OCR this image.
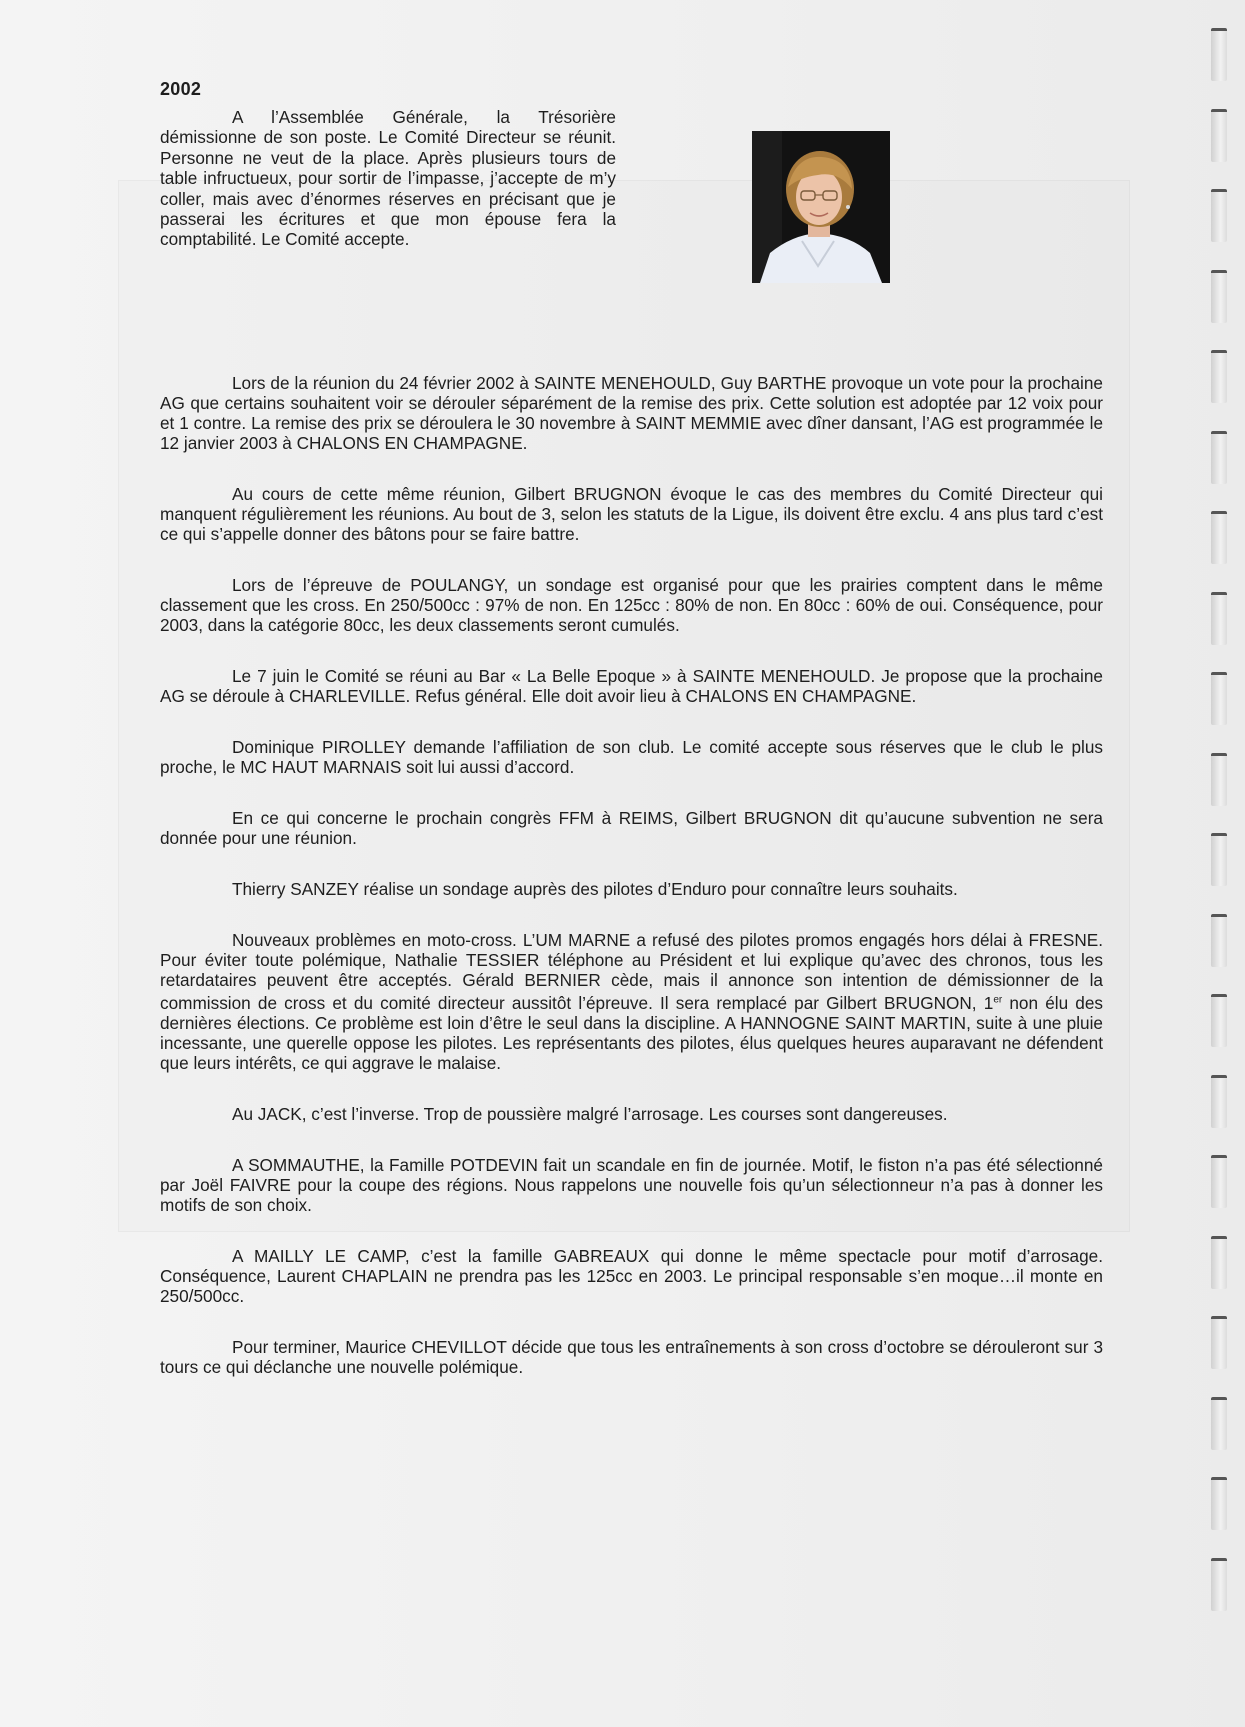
2002

A l’Assemblée Générale, la Trésorière démissionne de son poste. Le Comité Directeur se réunit. Personne ne veut de la place. Après plusieurs tours de table infructueux, pour sortir de l’impasse, j’accepte de m’y coller, mais avec d’énormes réserves en précisant que je passerai les écritures et que mon épouse fera la comptabilité. Le Comité accepte.

Lors de la réunion du 24 février 2002 à SAINTE MENEHOULD, Guy BARTHE provoque un vote pour la prochaine AG que certains souhaitent voir se dérouler séparément de la remise des prix. Cette solution est adoptée par 12 voix pour et 1 contre. La remise des prix se déroulera le 30 novembre à SAINT MEMMIE avec dîner dansant, l’AG est programmée le 12 janvier 2003 à CHALONS EN CHAMPAGNE.

Au cours de cette même réunion, Gilbert BRUGNON évoque le cas des membres du Comité Directeur qui manquent régulièrement les réunions. Au bout de 3, selon les statuts de la Ligue, ils doivent être exclu. 4 ans plus tard c’est ce qui s’appelle donner des bâtons pour se faire battre.

Lors de l’épreuve de POULANGY, un sondage est organisé pour que les prairies comptent dans le même classement que les cross. En 250/500cc : 97% de non. En 125cc : 80% de non. En 80cc : 60% de oui. Conséquence, pour 2003, dans la catégorie 80cc, les deux classements seront cumulés.

Le 7 juin le Comité se réuni au Bar « La Belle Epoque » à SAINTE MENEHOULD. Je propose que la prochaine AG se déroule à CHARLEVILLE. Refus général. Elle doit avoir lieu à CHALONS EN CHAMPAGNE.

Dominique PIROLLEY demande l’affiliation de son club. Le comité accepte sous réserves que le club le plus proche, le MC HAUT MARNAIS soit lui aussi d’accord.

En ce qui concerne le prochain congrès FFM à REIMS, Gilbert BRUGNON dit qu’aucune subvention ne sera donnée pour une réunion.

Thierry SANZEY réalise un sondage auprès des pilotes d’Enduro pour connaître leurs souhaits.

Nouveaux problèmes en moto-cross. L’UM MARNE a refusé des pilotes promos engagés hors délai à FRESNE. Pour éviter toute polémique, Nathalie TESSIER téléphone au Président et lui explique qu’avec des chronos, tous les retardataires peuvent être acceptés. Gérald BERNIER cède, mais il annonce son intention de démissionner de la commission de cross et du comité directeur aussitôt l’épreuve. Il sera remplacé par Gilbert BRUGNON, 1er non élu des dernières élections. Ce problème est loin d’être le seul dans la discipline. A HANNOGNE SAINT MARTIN, suite à une pluie incessante, une querelle oppose les pilotes. Les représentants des pilotes, élus quelques heures auparavant ne défendent que leurs intérêts, ce qui aggrave le malaise.

Au JACK, c’est l’inverse. Trop de poussière malgré l’arrosage. Les courses sont dangereuses.

A SOMMAUTHE, la Famille POTDEVIN fait un scandale en fin de journée. Motif, le fiston n’a pas été sélectionné par Joël FAIVRE pour la coupe des régions. Nous rappelons une nouvelle fois qu’un sélectionneur n’a pas à donner les motifs de son choix.

A MAILLY LE CAMP, c’est la famille GABREAUX qui donne le même spectacle pour motif d’arrosage. Conséquence, Laurent CHAPLAIN ne prendra pas les 125cc en 2003. Le principal responsable s’en moque…il monte en 250/500cc.

Pour terminer, Maurice CHEVILLOT décide que tous les entraînements à son cross d’octobre se dérouleront sur 3 tours ce qui déclanche une nouvelle polémique.
